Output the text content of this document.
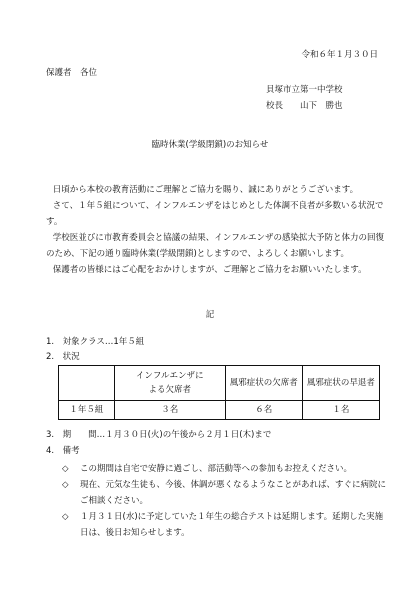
令和６年１月３０日
保護者　各位
貝塚市立第一中学校
校長　　山下　勝也
臨時休業(学級閉鎖)のお知らせ

日頃から本校の教育活動にご理解とご協力を賜り、誠にありがとうございます。

さて、１年５組について、インフルエンザをはじめとした体調不良者が多数いる状況です。

学校医並びに市教育委員会と協議の結果、インフルエンザの感染拡大予防と体力の回復のため、下記の通り臨時休業(学級閉鎖)としますので、よろしくお願いします。

保護者の皆様にはご心配をおかけしますが、ご理解とご協力をお願いいたします。

記
1.　対象クラス…1年５組
2.　状況
	インフルエンザによる欠席者	風邪症状の欠席者	風邪症状の早退者
１年５組	３名	６名	１名
3.　期　　間…１月３０日(火)の午後から２月１日(木)まで
4.　備考
◇ この期間は自宅で安静に過ごし、部活動等への参加もお控えください。
◇ 現在、元気な生徒も、今後、体調が悪くなるようなことがあれば、すぐに病院にご相談ください。
◇ １月３１日(水)に予定していた１年生の総合テストは延期します。延期した実施日は、後日お知らせします。
